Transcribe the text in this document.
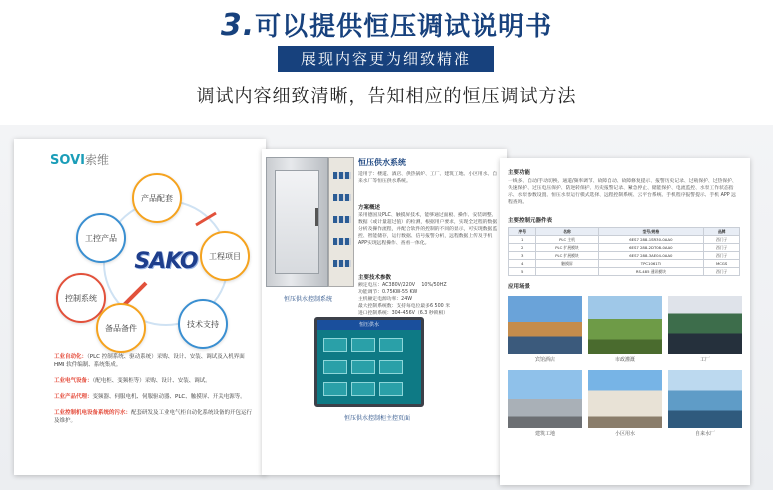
3.可以提供恒压调试说明书
展现内容更为细致精准
调试内容细致清晰，告知相应的恒压调试方法
SOVI索维
产品配套
工控产品
工程项目
控制系统
技术支持
备品备件
SAKO
工业自动化：（PLC 控制系统、驱动系统）采购、设计、安装、调试及入机界面 HMI 软件编制、系统集成。
工业电气设备：（配电柜、变频柜等）采购、设计、安装、调试。
工业产品代理：变频器、伺服电机、伺服驱动器、PLC、触摸屏、开关电源等。
工业控制机电设备系统的污水：配套研发及工业电气柜自动化系统设备的开包运行及维护。
恒压供水控制系统
恒压供水系统
适用于：楼道、酒店、供热锅炉、工厂、建筑工地、小区用水、自来水厂等恒压供水系统。
方案概述
采用德国及PLC、触摸屏技术，能够通过面板、操作、安装调整、数据（或计量超过值）的检测，根据用户要求，实现全过程的数据分析及操作流程，并配合软件的控制的不同的显示，可实现数据监控、智能储存，运行数据、信号报警分析，远程数据上传及手机APP实现远程操作、查看一体化。
主要技术参数
额定电压：AC380V/220V 　10%/50HZ
功能调节：0.75KW-55 KW
主机额定电源功率：24W
最大控制系统数：支持每电位最多6 500 米
进口控制系统：304-456V（6.3 秒锁相）
恒压供水
恒压供水控制柜主控页面
主要功能
一线多、自动/手动切换、通道/频率调节、故障自动、故障修复提示、报警历史记录、过载保护、过热保护、失速保护、过压电压保护、防逆转保护、历史报警记录、紧急停止、储能保护、电流监控、水泵工作状态指示、水泵参数设置、恒压水泵运行模式选择、远程控制系统、云平台系统、手机程序报警提示、手机 APP 远程查询。
主要控制元器件表
序号	名称	型号/规格	品牌
1	PLC 主机	6ES7 288-1SR30-0AA0	西门子
2	PLC 扩展模块	6ES7 288-2DT08-0AA0	西门子
3	PLC 扩展模块	6ES7 288-3AE04-0AA0	西门子
4	触摸屏	TPC1061Ti	MCGS
5		RS-485 通讯模块	西门子
应用场景
宾馆酒店	市政灌溉	工厂
建筑工地	小区用水	自来水厂
